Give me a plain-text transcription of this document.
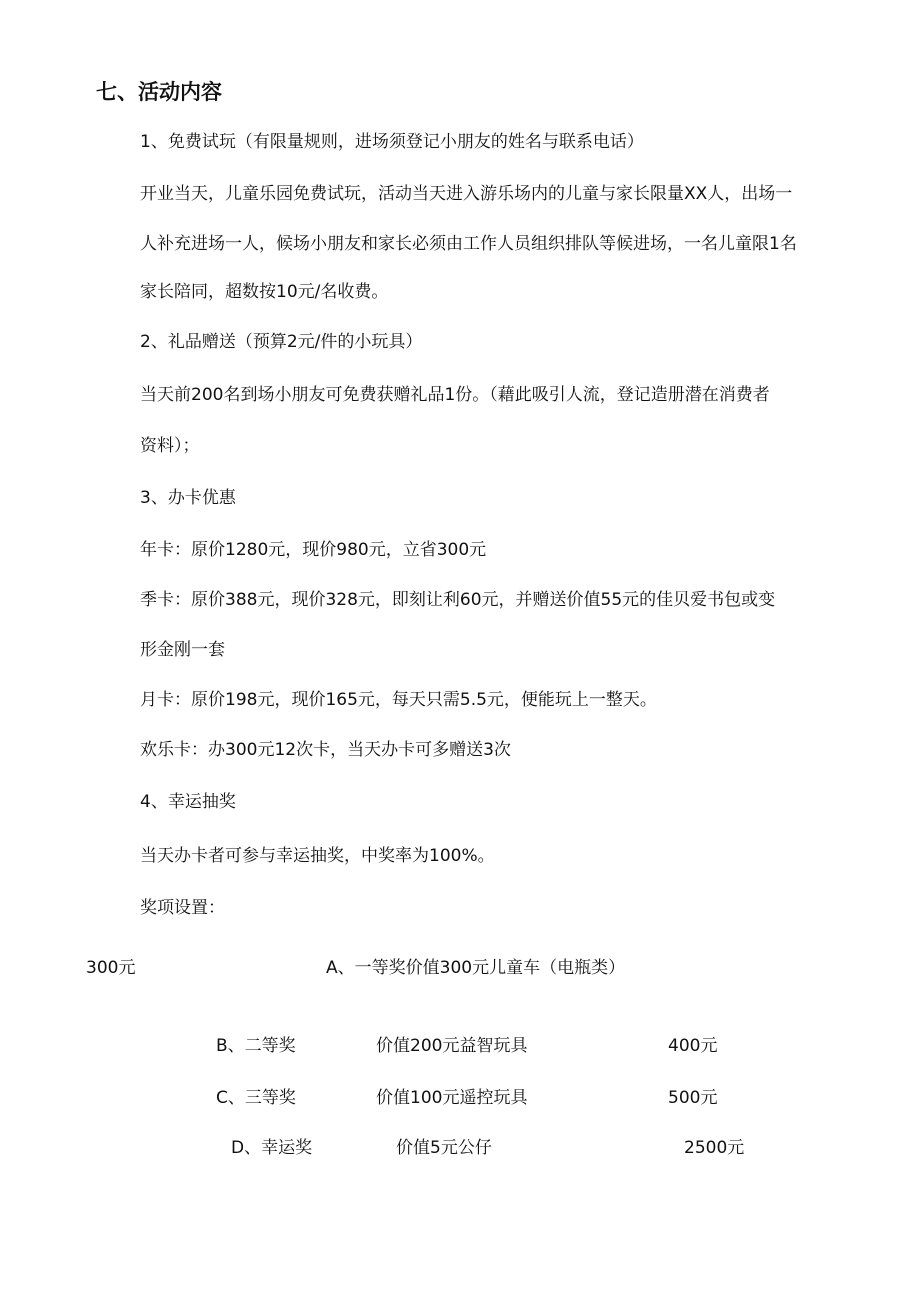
七、活动内容
1、免费试玩（有限量规则，进场须登记小朋友的姓名与联系电话）
开业当天，儿童乐园免费试玩，活动当天进入游乐场内的儿童与家长限量XX人，出场一
人补充进场一人，候场小朋友和家长必须由工作人员组织排队等候进场，一名儿童限1名
家长陪同，超数按10元/名收费。
2、礼品赠送（预算2元/件的小玩具）
当天前200名到场小朋友可免费获赠礼品1份。（藉此吸引人流，登记造册潜在消费者
资料）；
3、办卡优惠
年卡：原价1280元，现价980元，立省300元
季卡：原价388元，现价328元，即刻让利60元，并赠送价值55元的佳贝爱书包或变
形金刚一套
月卡：原价198元，现价165元，每天只需5.5元，便能玩上一整天。
欢乐卡：办300元12次卡，当天办卡可多赠送3次
4、幸运抽奖
当天办卡者可参与幸运抽奖，中奖率为100%。
奖项设置：
300元	A、一等奖价值300元儿童车（电瓶类）
B、二等奖	价值200元益智玩具	400元
C、三等奖	价值100元遥控玩具	500元
D、幸运奖	价值5元公仔	2500元
